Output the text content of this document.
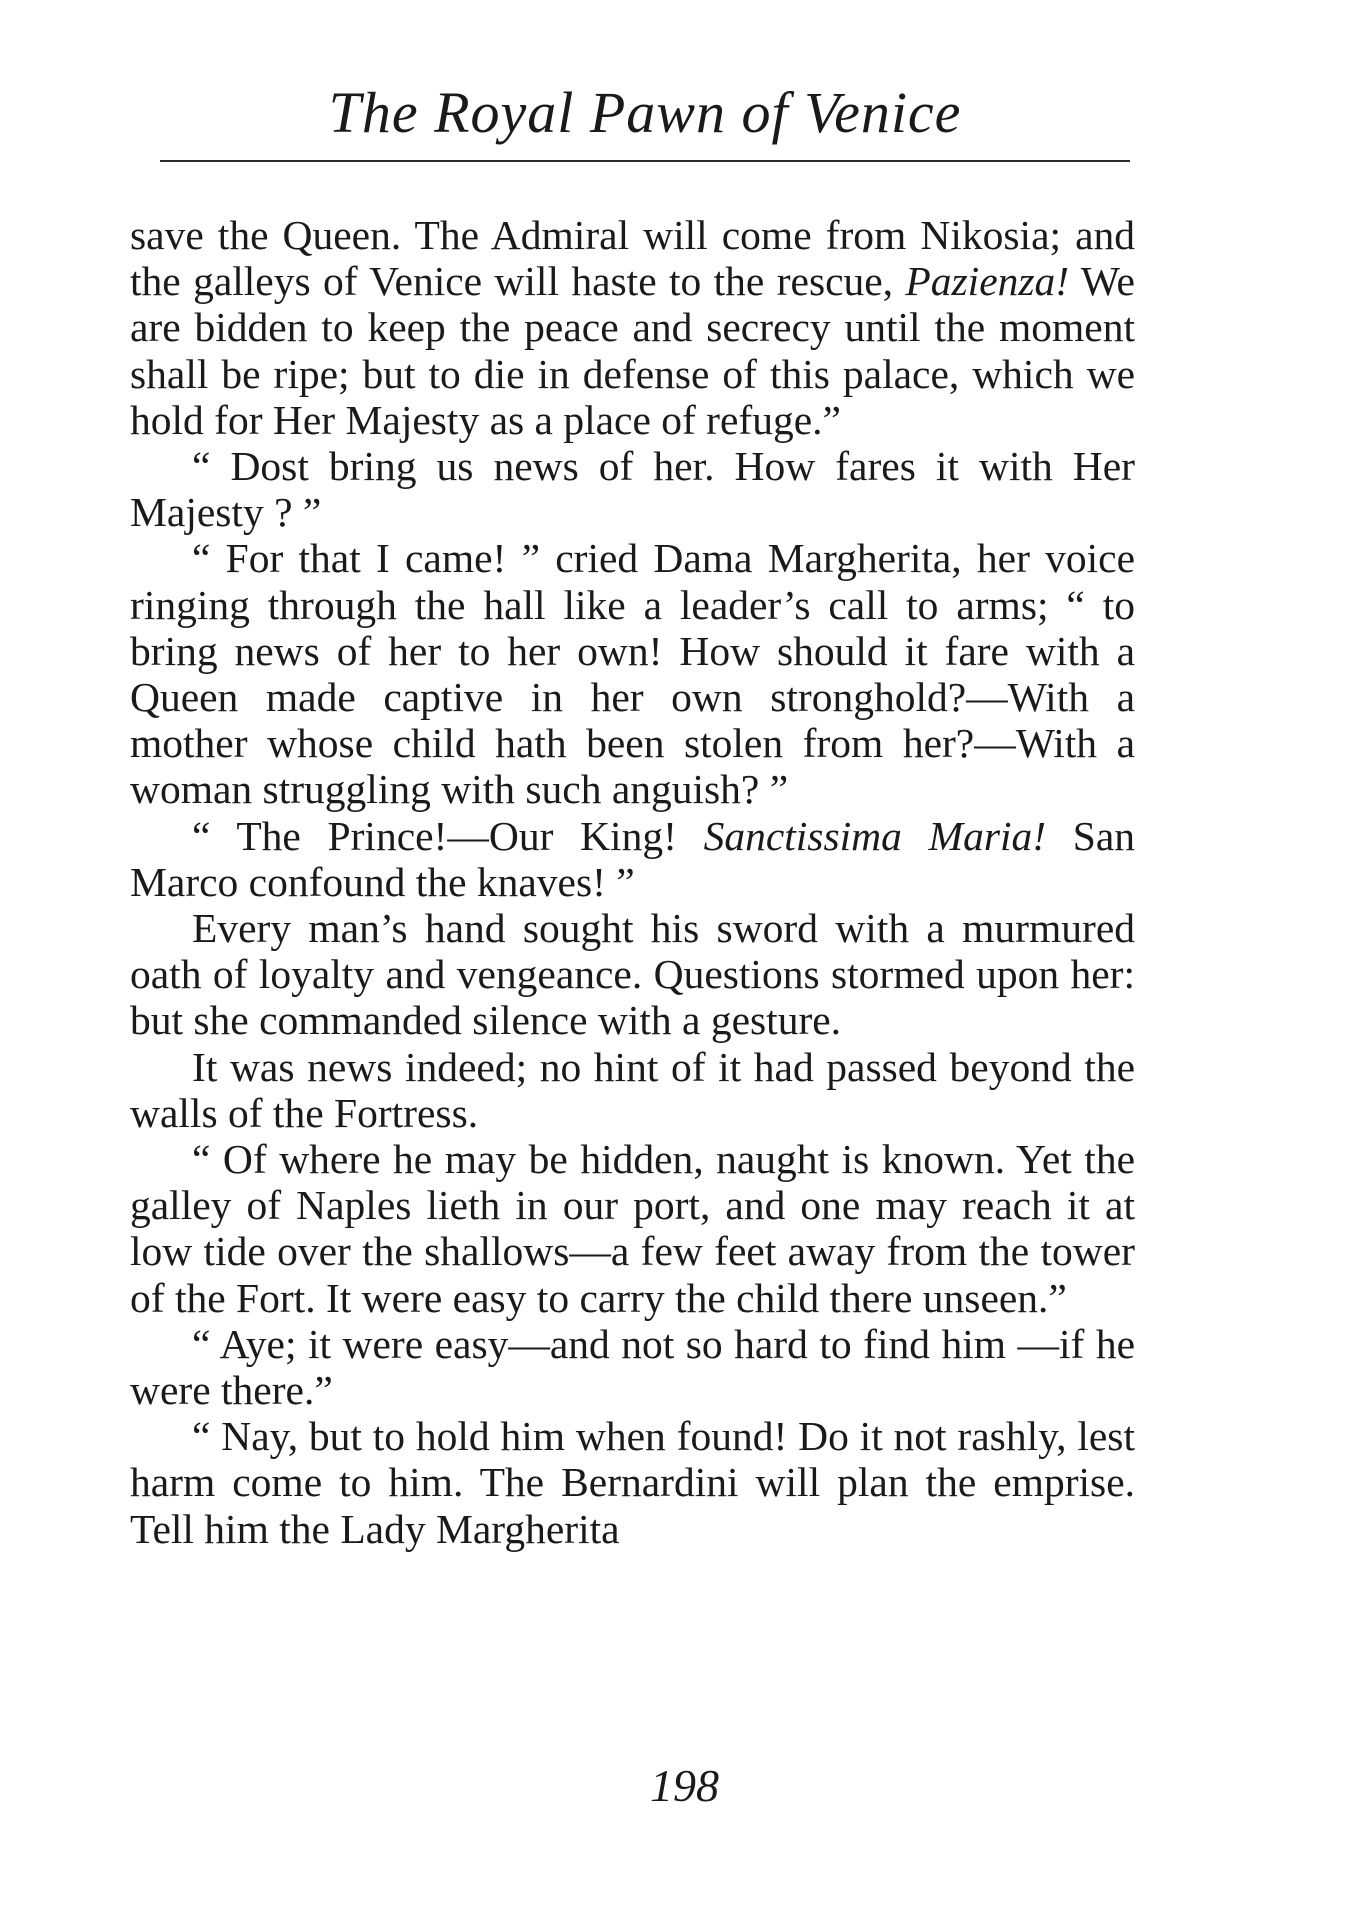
The Royal Pawn of Venice

save the Queen. The Admiral will come from Nikosia; and the galleys of Venice will haste to the rescue, Pazienza! We are bidden to keep the peace and secrecy until the moment shall be ripe; but to die in defense of this palace, which we hold for Her Majesty as a place of refuge.”

“ Dost bring us news of her. How fares it with Her Majesty ? ”

“ For that I came! ” cried Dama Margherita, her voice ringing through the hall like a leader’s call to arms; “ to bring news of her to her own! How should it fare with a Queen made captive in her own stronghold?—With a mother whose child hath been stolen from her?—With a woman struggling with such anguish? ”

“ The Prince!—Our King! Sanctissima Maria! San Marco confound the knaves! ”

Every man’s hand sought his sword with a murmured oath of loyalty and vengeance. Questions stormed upon her: but she commanded silence with a gesture.

It was news indeed; no hint of it had passed beyond the walls of the Fortress.

“ Of where he may be hidden, naught is known. Yet the galley of Naples lieth in our port, and one may reach it at low tide over the shallows—a few feet away from the tower of the Fort. It were easy to carry the child there unseen.”

“ Aye; it were easy—and not so hard to find him —if he were there.”

“ Nay, but to hold him when found! Do it not rashly, lest harm come to him. The Bernardini will plan the emprise. Tell him the Lady Margherita

198
